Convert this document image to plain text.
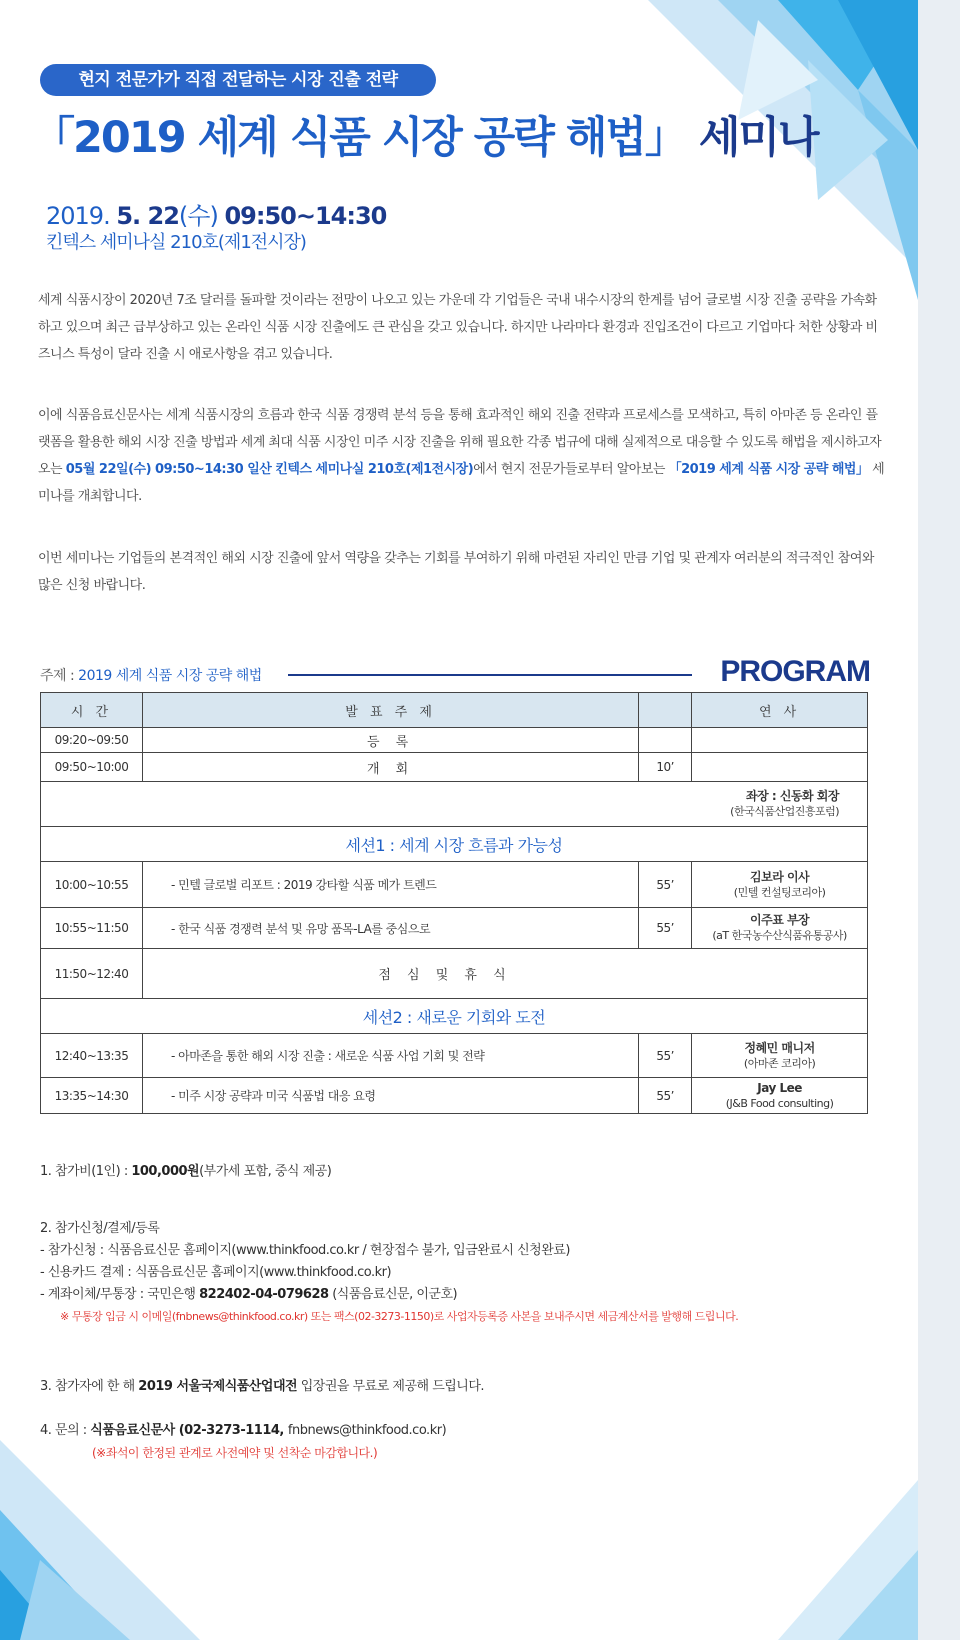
현지 전문가가 직접 전달하는 시장 진출 전략
「2019 세계 식품 시장 공략 해법」 세미나
2019. 5. 22(수) 09:50~14:30
킨텍스 세미나실 210호(제1전시장)

세계 식품시장이 2020년 7조 달러를 돌파할 것이라는 전망이 나오고 있는 가운데 각 기업들은 국내 내수시장의 한계를 넘어 글로벌 시장 진출 공략을 가속화하고 있으며 최근 급부상하고 있는 온라인 식품 시장 진출에도 큰 관심을 갖고 있습니다. 하지만 나라마다 환경과 진입조건이 다르고 기업마다 처한 상황과 비즈니스 특성이 달라 진출 시 애로사항을 겪고 있습니다.

이에 식품음료신문사는 세계 식품시장의 흐름과 한국 식품 경쟁력 분석 등을 통해 효과적인 해외 진출 전략과 프로세스를 모색하고, 특히 아마존 등 온라인 플랫폼을 활용한 해외 시장 진출 방법과 세계 최대 식품 시장인 미주 시장 진출을 위해 필요한 각종 법규에 대해 실제적으로 대응할 수 있도록 해법을 제시하고자 오는 05월 22일(수) 09:50~14:30 일산 킨텍스 세미나실 210호(제1전시장)에서 현지 전문가들로부터 알아보는 「2019 세계 식품 시장 공략 해법」 세미나를 개최합니다.

이번 세미나는 기업들의 본격적인 해외 시장 진출에 앞서 역량을 갖추는 기회를 부여하기 위해 마련된 자리인 만큼 기업 및 관계자 여러분의 적극적인 참여와 많은 신청 바랍니다.

주제 : 2019 세계 식품 시장 공략 해법	PROGRAM
시 간	발 표 주 제		연 사
09:20~09:50	등 록		
09:50~10:00	개 회	10’	

좌장 : 신동화 회장
(한국식품산업진흥포럼)			

세션1 : 세계 시장 흐름과 가능성			
10:00~10:55	- 민텔 글로벌 리포트 : 2019 강타할 식품 메가 트렌드	55’	김보라 이사
(민텔 컨설팅코리아)

10:55~11:50	- 한국 식품 경쟁력 분석 및 유망 품목-LA를 중심으로	55’	이주표 부장
(aT 한국농수산식품유통공사)

11:50~12:40	점 심 및 휴 식		
세션2 : 새로운 기회와 도전			
12:40~13:35	- 아마존을 통한 해외 시장 진출 : 새로운 식품 사업 기회 및 전략	55’	정혜민 매니저
(아마존 코리아)

13:35~14:30	- 미주 시장 공략과 미국 식품법 대응 요령	55’	Jay Lee
(J&B Food consulting)
1. 참가비(1인) : 100,000원(부가세 포함, 중식 제공)
2. 참가신청/결제/등록
- 참가신청 : 식품음료신문 홈페이지(www.thinkfood.co.kr / 현장접수 불가, 입금완료시 신청완료)
- 신용카드 결제 : 식품음료신문 홈페이지(www.thinkfood.co.kr)
- 계좌이체/무통장 : 국민은행 822402-04-079628 (식품음료신문, 이군호)
※ 무통장 입금 시 이메일(fnbnews@thinkfood.co.kr) 또는 팩스(02-3273-1150)로 사업자등록증 사본을 보내주시면 세금계산서를 발행해 드립니다.
3. 참가자에 한 해 2019 서울국제식품산업대전 입장권을 무료로 제공해 드립니다.
4. 문의 : 식품음료신문사 (02-3273-1114, fnbnews@thinkfood.co.kr)
(※좌석이 한정된 관계로 사전예약 및 선착순 마감합니다.)
